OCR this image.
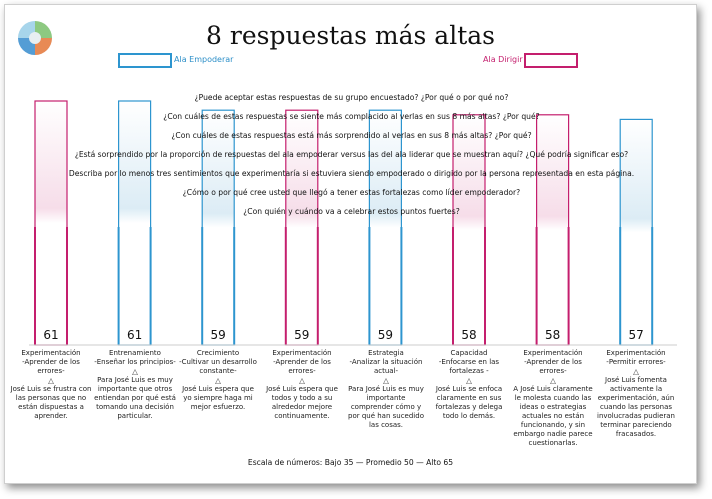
8 respuestas más altas
Ala Empoderar	Ala Dirigir
61	61	59	59	59	58	58	57
¿Puede aceptar estas respuestas de su grupo encuestado? ¿Por qué o por qué no?
¿Con cuáles de estas respuestas se siente más complacido al verlas en sus 8 más altas? ¿Por qué?
¿Con cuáles de estas respuestas está más sorprendido al verlas en sus 8 más altas? ¿Por qué?
¿Está sorprendido por la proporción de respuestas del ala empoderar versus las del ala liderar que se muestran aquí? ¿Qué podría significar eso?
Describa por lo menos tres sentimientos que experimentaría si estuviera siendo empoderado o dirigido por la persona representada en esta página.
¿Cómo o por qué cree usted que llegó a tener estas fortalezas como líder empoderador?
¿Con quién y cuándo va a celebrar estos puntos fuertes?
Experimentación
-Aprender de los errores-
△
José Luis se frustra con las personas que no están dispuestas a aprender.
Entrenamiento
-Enseñar los principios-
△
Para José Luis es muy importante que otros entiendan por qué está tomando una decisión particular.
Crecimiento
-Cultivar un desarrollo constante-
△
José Luis espera que yo siempre haga mi mejor esfuerzo.
Experimentación
-Aprender de los errores-
△
José Luis espera que todos y todo a su alrededor mejore continuamente.
Estrategia
-Analizar la situación actual-
△
Para José Luis es muy importante comprender cómo y por qué han sucedido las cosas.
Capacidad
-Enfocarse en las fortalezas -
△
José Luis se enfoca claramente en sus fortalezas y delega todo lo demás.
Experimentación
-Aprender de los errores-
△
A José Luis claramente le molesta cuando las ideas o estrategias actuales no están funcionando, y sin embargo nadie parece cuestionarlas.
Experimentación
-Permitir errores-
△
José Luis fomenta activamente la experimentación, aún cuando las personas involucradas pudieran terminar pareciendo fracasados.
Escala de números: Bajo 35 — Promedio 50 — Alto 65
